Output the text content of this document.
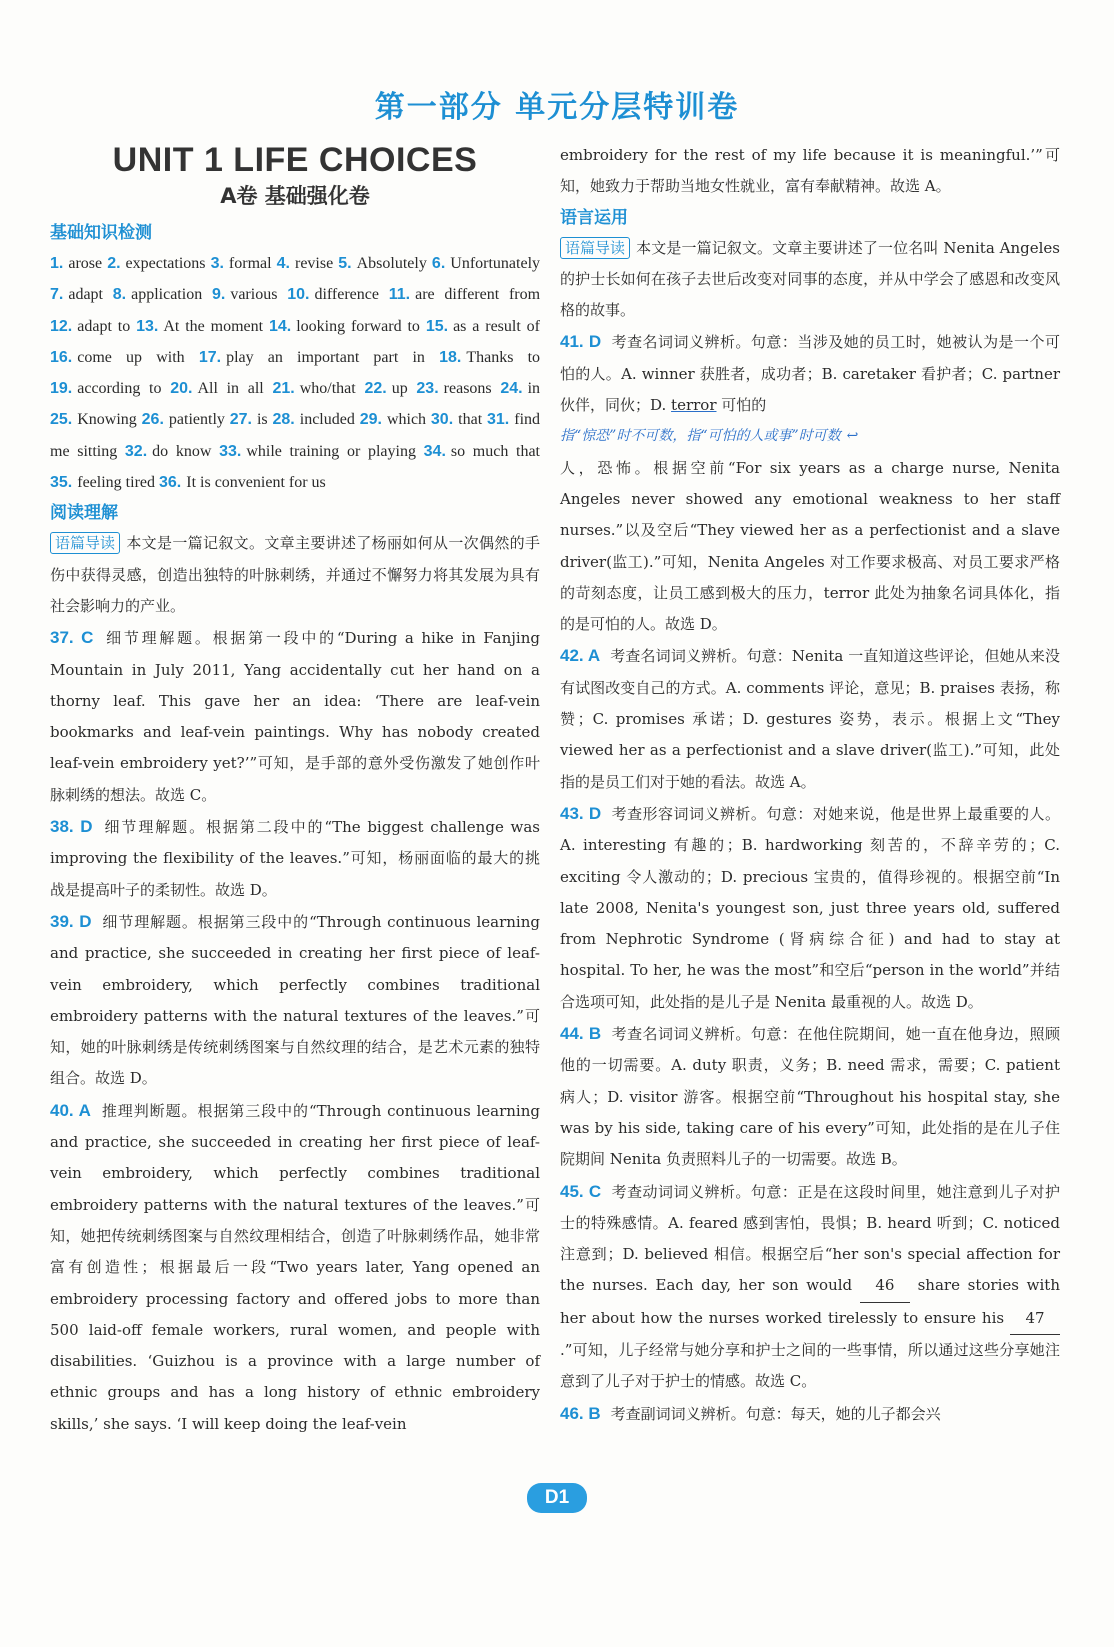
第一部分 单元分层特训卷
UNIT 1 LIFE CHOICES
A卷 基础强化卷
基础知识检测

1. arose 2. expectations 3. formal 4. revise 5. Absolutely 6. Unfortunately 7. adapt 8. application 9. various 10. difference 11. are different from 12. adapt to 13. At the moment 14. looking forward to 15. as a result of 16. come up with 17. play an important part in 18. Thanks to 19. according to 20. All in all 21. who/that 22. up 23. reasons 24. in 25. Knowing 26. patiently 27. is 28. included 29. which 30. that 31. find me sitting 32. do know 33. while training or playing 34. so much that 35. feeling tired 36. It is convenient for us

阅读理解

语篇导读 本文是一篇记叙文。文章主要讲述了杨丽如何从一次偶然的手伤中获得灵感，创造出独特的叶脉刺绣，并通过不懈努力将其发展为具有社会影响力的产业。

37. C 细节理解题。根据第一段中的“During a hike in Fanjing Mountain in July 2011, Yang accidentally cut her hand on a thorny leaf. This gave her an idea: ‘There are leaf-vein bookmarks and leaf-vein paintings. Why has nobody created leaf-vein embroidery yet?’”可知，是手部的意外受伤激发了她创作叶脉刺绣的想法。故选 C。

38. D 细节理解题。根据第二段中的“The biggest challenge was improving the flexibility of the leaves.”可知，杨丽面临的最大的挑战是提高叶子的柔韧性。故选 D。

39. D 细节理解题。根据第三段中的“Through continuous learning and practice, she succeeded in creating her first piece of leaf-vein embroidery, which perfectly combines traditional embroidery patterns with the natural textures of the leaves.”可知，她的叶脉刺绣是传统刺绣图案与自然纹理的结合，是艺术元素的独特组合。故选 D。

40. A 推理判断题。根据第三段中的“Through continuous learning and practice, she succeeded in creating her first piece of leaf-vein embroidery, which perfectly combines traditional embroidery patterns with the natural textures of the leaves.”可知，她把传统刺绣图案与自然纹理相结合，创造了叶脉刺绣作品，她非常富有创造性；根据最后一段“Two years later, Yang opened an embroidery processing factory and offered jobs to more than 500 laid-off female workers, rural women, and people with disabilities. ‘Guizhou is a province with a large number of ethnic groups and has a long history of ethnic embroidery skills,’ she says. ‘I will keep doing the leaf-vein

embroidery for the rest of my life because it is meaningful.’”可知，她致力于帮助当地女性就业，富有奉献精神。故选 A。

语言运用

语篇导读 本文是一篇记叙文。文章主要讲述了一位名叫 Nenita Angeles 的护士长如何在孩子去世后改变对同事的态度，并从中学会了感恩和改变风格的故事。

41. D 考查名词词义辨析。句意：当涉及她的员工时，她被认为是一个可怕的人。A. winner 获胜者，成功者；B. caretaker 看护者；C. partner 伙伴，同伙；D. terror 可怕的

指“惊恐”时不可数，指“可怕的人或事”时可数 ↩

人，恐怖。根据空前“For six years as a charge nurse, Nenita Angeles never showed any emotional weakness to her staff nurses.”以及空后“They viewed her as a perfectionist and a slave driver(监工).”可知，Nenita Angeles 对工作要求极高、对员工要求严格的苛刻态度，让员工感到极大的压力，terror 此处为抽象名词具体化，指的是可怕的人。故选 D。

42. A 考查名词词义辨析。句意：Nenita 一直知道这些评论，但她从来没有试图改变自己的方式。A. comments 评论，意见；B. praises 表扬，称赞；C. promises 承诺；D. gestures 姿势，表示。根据上文“They viewed her as a perfectionist and a slave driver(监工).”可知，此处指的是员工们对于她的看法。故选 A。

43. D 考查形容词词义辨析。句意：对她来说，他是世界上最重要的人。A. interesting 有趣的；B. hardworking 刻苦的，不辞辛劳的；C. exciting 令人激动的；D. precious 宝贵的，值得珍视的。根据空前“In late 2008, Nenita's youngest son, just three years old, suffered from Nephrotic Syndrome (肾病综合征) and had to stay at hospital. To her, he was the most”和空后“person in the world”并结合选项可知，此处指的是儿子是 Nenita 最重视的人。故选 D。

44. B 考查名词词义辨析。句意：在他住院期间，她一直在他身边，照顾他的一切需要。A. duty 职责，义务；B. need 需求，需要；C. patient 病人；D. visitor 游客。根据空前“Throughout his hospital stay, she was by his side, taking care of his every”可知，此处指的是在儿子住院期间 Nenita 负责照料儿子的一切需要。故选 B。

45. C 考查动词词义辨析。句意：正是在这段时间里，她注意到儿子对护士的特殊感情。A. feared 感到害怕，畏惧；B. heard 听到；C. noticed 注意到；D. believed 相信。根据空后“her son's special affection for the nurses. Each day, her son would 46 share stories with her about how the nurses worked tirelessly to ensure his 47.”可知，儿子经常与她分享和护士之间的一些事情，所以通过这些分享她注意到了儿子对于护士的情感。故选 C。

46. B 考查副词词义辨析。句意：每天，她的儿子都会兴

D1
